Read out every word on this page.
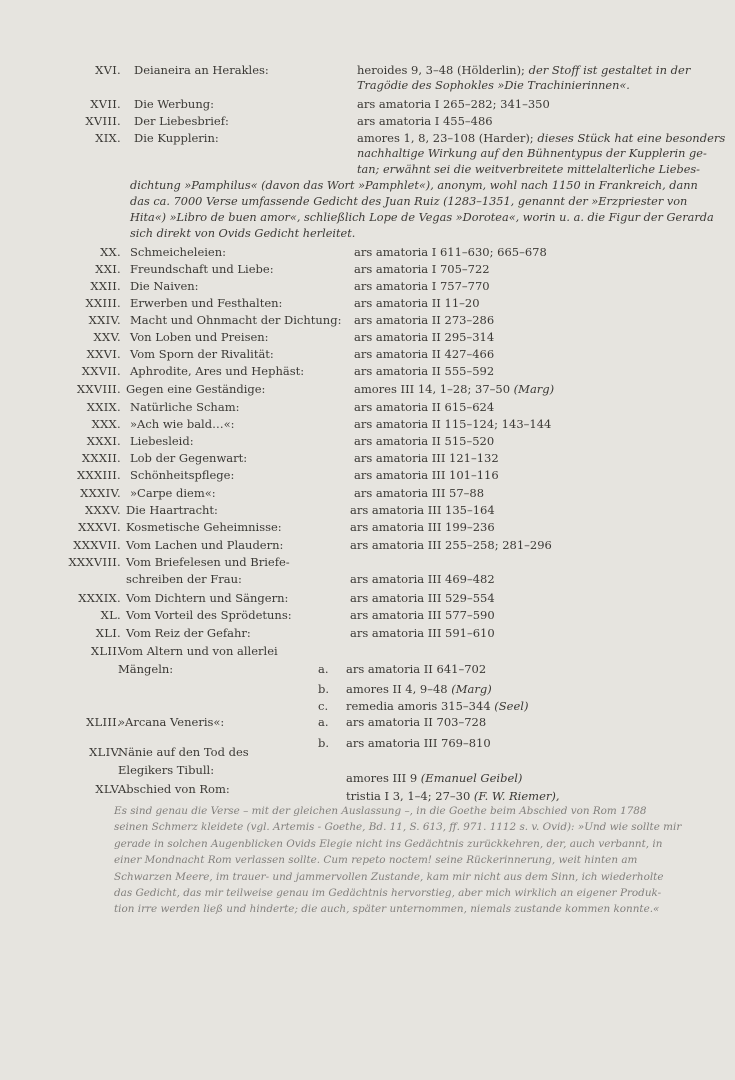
XVI. Deianeira an Herakles:	heroides 9, 3–48 (Hölderlin); der Stoff ist gestaltet in der
Tragödie des Sophokles »Die Trachinierinnen«.
XVII. Die Werbung:	ars amatoria I 265–282; 341–350
XVIII. Der Liebesbrief:	ars amatoria I 455–486
XIX. Die Kupplerin:	amores 1, 8, 23–108 (Harder); dieses Stück hat eine besonders
nachhaltige Wirkung auf den Bühnentypus der Kupplerin ge-
tan; erwähnt sei die weitverbreitete mittelalterliche Liebes-
dichtung »Pamphilus« (davon das Wort »Pamphlet«), anonym, wohl nach 1150 in Frankreich, dann
das ca. 7000 Verse umfassende Gedicht des Juan Ruiz (1283–1351, genannt der »Erzpriester von
Hita«) »Libro de buen amor«, schließlich Lope de Vegas »Dorotea«, worin u. a. die Figur der Gerarda
sich direkt von Ovids Gedicht herleitet.
XX. Schmeicheleien:	ars amatoria I 611–630; 665–678
XXI. Freundschaft und Liebe:	ars amatoria I 705–722
XXII. Die Naiven:	ars amatoria I 757–770
XXIII. Erwerben und Festhalten:	ars amatoria II 11–20
XXIV. Macht und Ohnmacht der Dichtung: ars amatoria II 273–286
XXV. Von Loben und Preisen:	ars amatoria II 295–314
XXVI. Vom Sporn der Rivalität:	ars amatoria II 427–466
XXVII. Aphrodite, Ares und Hephäst:	ars amatoria II 555–592
XXVIII. Gegen eine Geständige:	amores III 14, 1–28; 37–50 (Marg)
XXIX. Natürliche Scham:	ars amatoria II 615–624
XXX. »Ach wie bald…«:	ars amatoria II 115–124; 143–144
XXXI. Liebesleid:	ars amatoria II 515–520
XXXII. Lob der Gegenwart:	ars amatoria III 121–132
XXXIII. Schönheitspflege:	ars amatoria III 101–116
XXXIV. »Carpe diem«:	ars amatoria III 57–88
XXXV. Die Haartracht:	ars amatoria III 135–164
XXXVI. Kosmetische Geheimnisse:	ars amatoria III 199–236
XXXVII. Vom Lachen und Plaudern:	ars amatoria III 255–258; 281–296
XXXVIII. Vom Briefelesen und Briefe-
schreiben der Frau:	ars amatoria III 469–482
XXXIX. Vom Dichtern und Sängern:	ars amatoria III 529–554
XL. Vom Vorteil des Sprödetuns:	ars amatoria III 577–590
XLI. Vom Reiz der Gefahr:	ars amatoria III 591–610
XLII.
Vom Altern und von allerlei
Mängeln:	a. ars amatoria II 641–702
b. amores II 4, 9–48 (Marg)
c. remedia amoris 315–344 (Seel)
XLIII.
»Arcana Veneris«:	a. ars amatoria II 703–728
b. ars amatoria III 769–810
XLIV.
Nänie auf den Tod des
Elegikers Tibull:
amores III 9 (Emanuel Geibel)
XLV.
Abschied von Rom:	tristia I 3, 1–4; 27–30 (F. W. Riemer),
Es sind genau die Verse – mit der gleichen Auslassung –, in die Goethe beim Abschied von Rom 1788
seinen Schmerz kleidete (vgl. Artemis - Goethe, Bd. 11, S. 613, ff. 971. 1112 s. v. Ovid): »Und wie sollte mir
gerade in solchen Augenblicken Ovids Elegie nicht ins Gedächtnis zurückkehren, der, auch verbannt, in
einer Mondnacht Rom verlassen sollte. Cum repeto noctem! seine Rückerinnerung, weit hinten am
Schwarzen Meere, im trauer- und jammervollen Zustande, kam mir nicht aus dem Sinn, ich wiederholte
das Gedicht, das mir teilweise genau im Gedächtnis hervorstieg, aber mich wirklich an eigener Produk-
tion irre werden ließ und hinderte; die auch, später unternommen, niemals zustande kommen konnte.«
